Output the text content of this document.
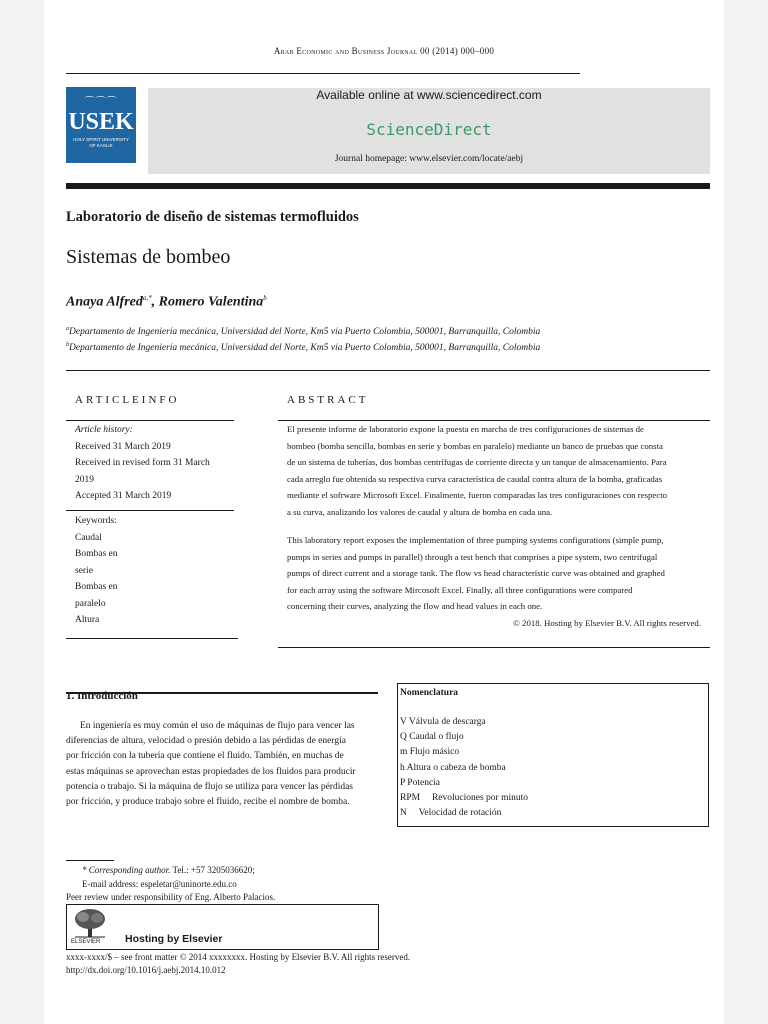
Arab Economic and Business Journal 00 (2014) 000–000
⌒⌒⌒
USEK
HOLY SPIRIT UNIVERSITY
OF KASLIK
Available online at www.sciencedirect.com
ScienceDirect
Journal homepage: www.elsevier.com/locate/aebj
Laboratorio de diseño de sistemas termofluidos
Sistemas de bombeo
Anaya Alfred$^{a,*}$, Romero Valentina$^b$
$^a$Departamento de Ingeniería mecánica, Universidad del Norte, Km5 vía Puerto Colombia, 500001, Barranquilla, Colombia
$^b$Departamento de Ingeniería mecánica, Universidad del Norte, Km5 vía Puerto Colombia, 500001, Barranquilla, Colombia
ARTICLEINFO
Article history:
Received 31 March 2019
Received in revised form 31 March
2019
Accepted 31 March 2019
Keywords:
Caudal
Bombas en
serie
Bombas en
paralelo
Altura
ABSTRACT
El presente informe de laboratorio expone la puesta en marcha de tres configuraciones de sistemas de
bombeo (bomba sencilla, bombas en serie y bombas en paralelo) mediante un banco de pruebas que consta
de un sistema de tuberías, dos bombas centrífugas de corriente directa y un tanque de almacenamiento. Para
cada arreglo fue obtenida su respectiva curva característica de caudal contra altura de la bomba, graficadas
mediante el sofrware Microsoft Excel. Finalmente, fueron comparadas las tres configuraciones con respecto
a su curva, analizando los valores de caudal y altura de bomba en cada una.
This laboratory report exposes the implementation of three pumping systems configurations (simple pump,
pumps in series and pumps in parallel) through a test bench that comprises a pipe system, two centrifugal
pumps of direct current and a storage tank. The flow vs head characteristic curve was obtained and graphed
for each array using the software Mircosoft Excel. Finally, all three configurations were compared
concerning their curves, analyzing the flow and head values in each one.
© 2018. Hosting by Elsevier B.V. All rights reserved.
1. Introducción
En ingeniería es muy común el uso de máquinas de flujo para vencer las
diferencias de altura, velocidad o presión debido a las pérdidas de energía
por fricción con la tubería que contiene el fluido. También, en muchas de
estas máquinas se aprovechan estas propiedades de los fluidos para producir
potencia o trabajo. Si la máquina de flujo se utiliza para vencer las pérdidas
por fricción, y produce trabajo sobre el fluido, recibe el nombre de bomba.
Nomenclatura
V Válvula de descarga
Q Caudal o flujo
m Flujo másico
h Altura o cabeza de bomba
P Potencia
RPM     Revoluciones por minuto
N     Velocidad de rotación
* Corresponding author. Tel.: +57 3205036620;
E-mail address: espeletar@uninorte.edu.co
Peer review under responsibility of Eng. Alberto Palacios.
ELSEVIER Hosting by Elsevier
xxxx-xxxx/$ – see front matter © 2014 xxxxxxxx. Hosting by Elsevier B.V. All rights reserved.
http://dx.doi.org/10.1016/j.aebj.2014.10.012
